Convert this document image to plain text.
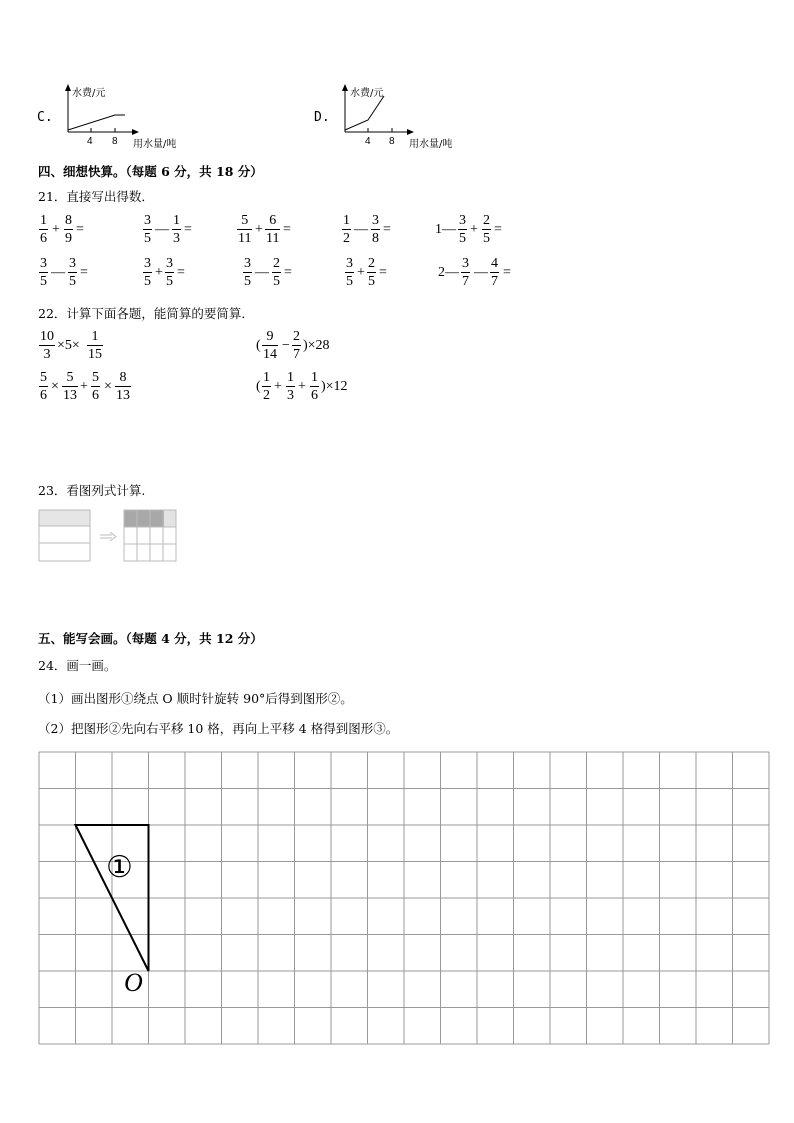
C.
水费/元
4 8 用水量/吨
D.
水费/元
4 8 用水量/吨
四、细想快算。（每题 6 分，共 18 分）
21．直接写出得数．
1
6
+
8
9
=
3
5
—
1
3
=
5
11
+
6
11
=
1
2
—
3
8
=	1—
3
5
+
2
5
=
3
5
—
3
5
=
3
5
+
3
5
=
3
5
—
2
5
=
3
5
+
2
5
=	2—
3
7
—
4
7
=
22．计算下面各题，能简算的要简算．
10
3
×5×
1
15
(
9
14
−
2
7
)×28
5
6
×
5
13
+
5
6
×
8
13
(
1
2
+
1
3
+
1
6
)×12
23．看图列式计算.
五、能写会画。（每题 4 分，共 12 分）
24．画一画。
（1）画出图形①绕点 O 顺时针旋转 90°后得到图形②。
（2）把图形②先向右平移 10 格，再向上平移 4 格得到图形③。
①
O
